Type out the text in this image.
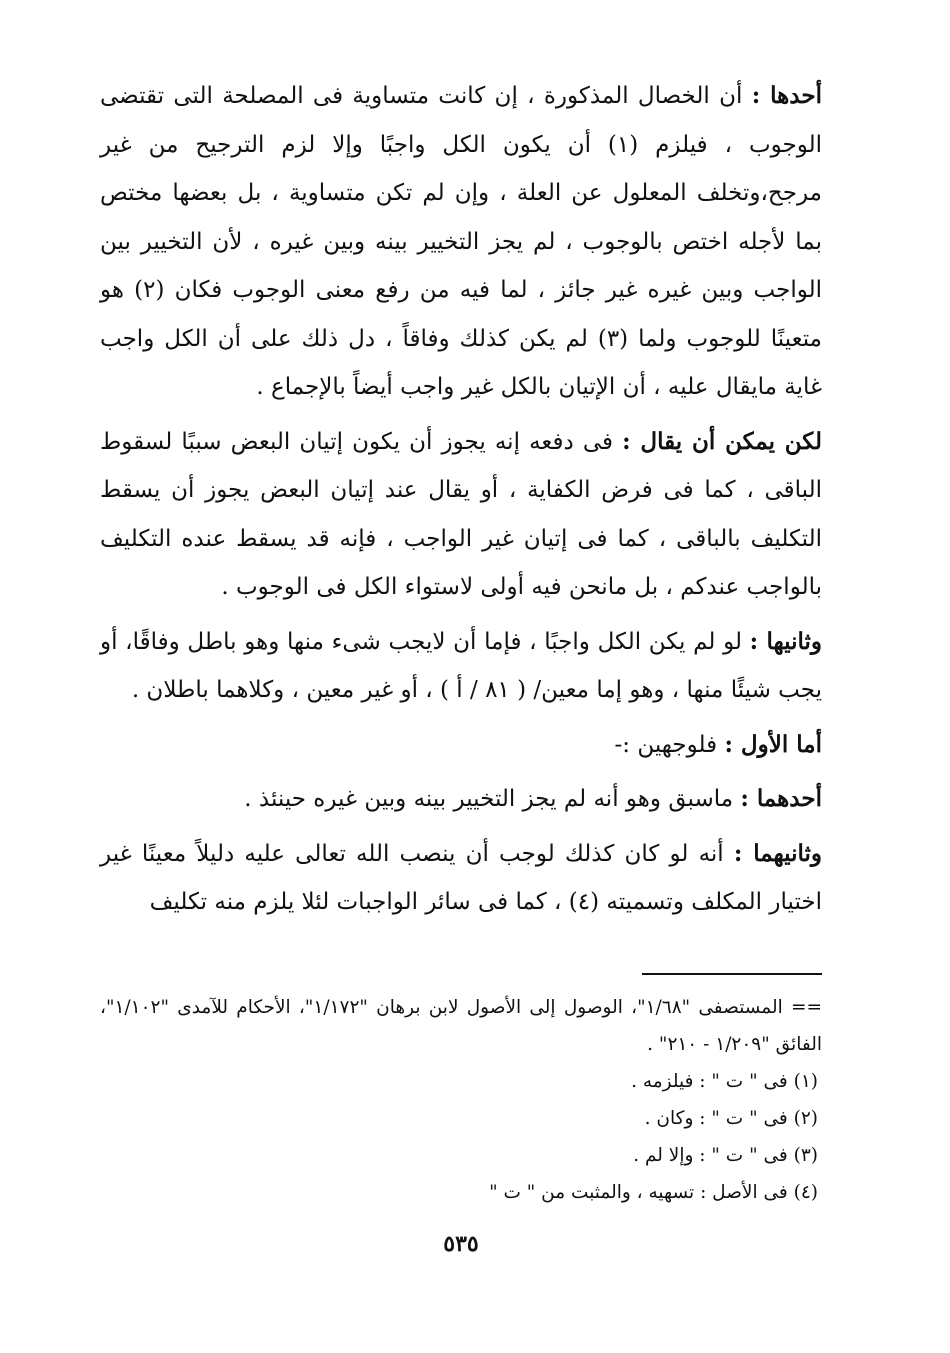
أحدها : أن الخصال المذكورة ، إن كانت متساوية فى المصلحة التى تقتضى الوجوب ، فيلزم (١) أن يكون الكل واجبًا وإلا لزم الترجيح من غير مرجح،وتخلف المعلول عن العلة ، وإن لم تكن متساوية ، بل بعضها مختص بما لأجله اختص بالوجوب ، لم يجز التخيير بينه وبين غيره ، لأن التخيير بين الواجب وبين غيره غير جائز ، لما فيه من رفع معنى الوجوب فكان (٢) هو متعينًا للوجوب ولما (٣) لم يكن كذلك وفاقاً ، دل ذلك على أن الكل واجب غاية مايقال عليه ، أن الإتيان بالكل غير واجب أيضاً بالإجماع .

لكن يمكن أن يقال : فى دفعه إنه يجوز أن يكون إتيان البعض سببًا لسقوط الباقى ، كما فى فرض الكفاية ، أو يقال عند إتيان البعض يجوز أن يسقط التكليف بالباقى ، كما فى إتيان غير الواجب ، فإنه قد يسقط عنده التكليف بالواجب عندكم ، بل مانحن فيه أولى لاستواء الكل فى الوجوب .

وثانيها : لو لم يكن الكل واجبًا ، فإما أن لايجب شىء منها وهو باطل وفاقًا، أو يجب شيئًا منها ، وهو إما معين/ ( ٨١ / أ ) ، أو غير معين ، وكلاهما باطلان .

أما الأول : فلوجهين :-

أحدهما : ماسبق وهو أنه لم يجز التخيير بينه وبين غيره حينئذ .

وثانيهما : أنه لو كان كذلك لوجب أن ينصب الله تعالى عليه دليلاً معينًا غير اختيار المكلف وتسميته (٤) ، كما فى سائر الواجبات لئلا يلزم منه تكليف

== المستصفى "١/٦٨"، الوصول إلى الأصول لابن برهان "١/١٧٢"، الأحكام للآمدى "١/١٠٢"، الفائق "١/٢٠٩ - ٢١٠" .

(١) فى " ت " : فيلزمه .

(٢) فى " ت " : وكان .

(٣) فى " ت " : وإلا لم .

(٤) فى الأصل : تسهيه ، والمثبت من " ت "

٥٣٥
